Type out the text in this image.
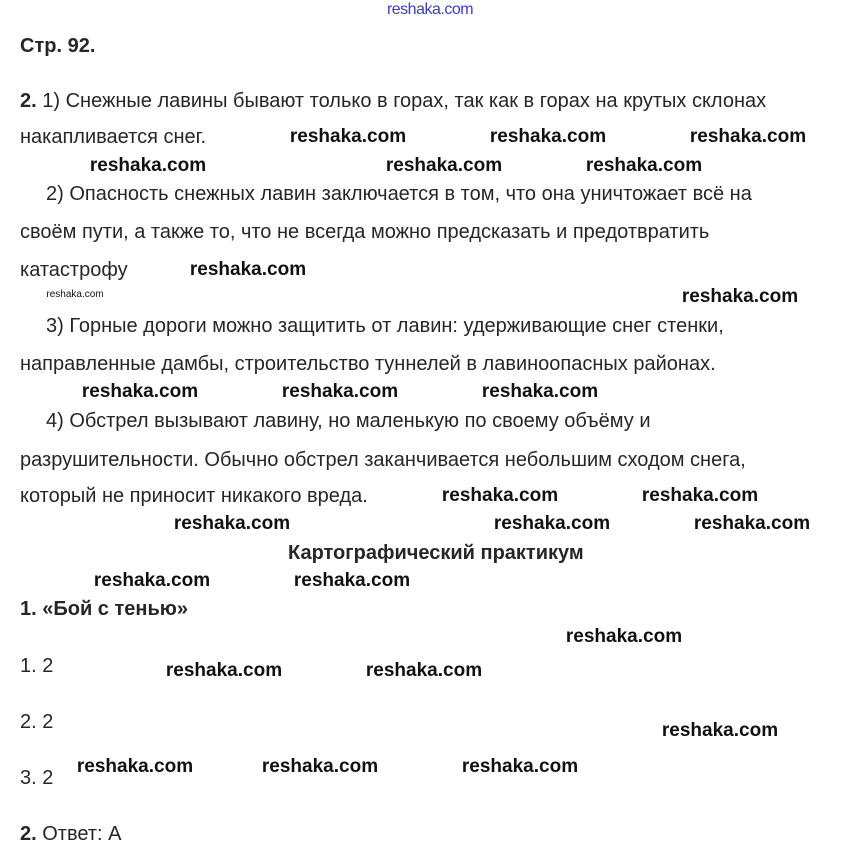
reshaka.com
Стр. 92.
2. 1) Снежные лавины бывают только в горах, так как в горах на крутых склонах
накапливается снег.
2) Опасность снежных лавин заключается в том, что она уничтожает всё на
своём пути, а также то, что не всегда можно предсказать и предотвратить
катастрофу
3) Горные дороги можно защитить от лавин: удерживающие снег стенки,
направленные дамбы, строительство туннелей в лавиноопасных районах.
4) Обстрел вызывают лавину, но маленькую по своему объёму и
разрушительности. Обычно обстрел заканчивается небольшим сходом снега,
который не приносит никакого вреда.
Картографический практикум
1. «Бой с тенью»
1. 2
2. 2
3. 2
2. Ответ: А
reshaka.com	reshaka.com	reshaka.com
reshaka.com	reshaka.com	reshaka.com
reshaka.com
reshaka.com	reshaka.com
reshaka.com	reshaka.com	reshaka.com
reshaka.com	reshaka.com
reshaka.com	reshaka.com	reshaka.com
reshaka.com	reshaka.com
reshaka.com
reshaka.com	reshaka.com
reshaka.com
reshaka.com	reshaka.com	reshaka.com
